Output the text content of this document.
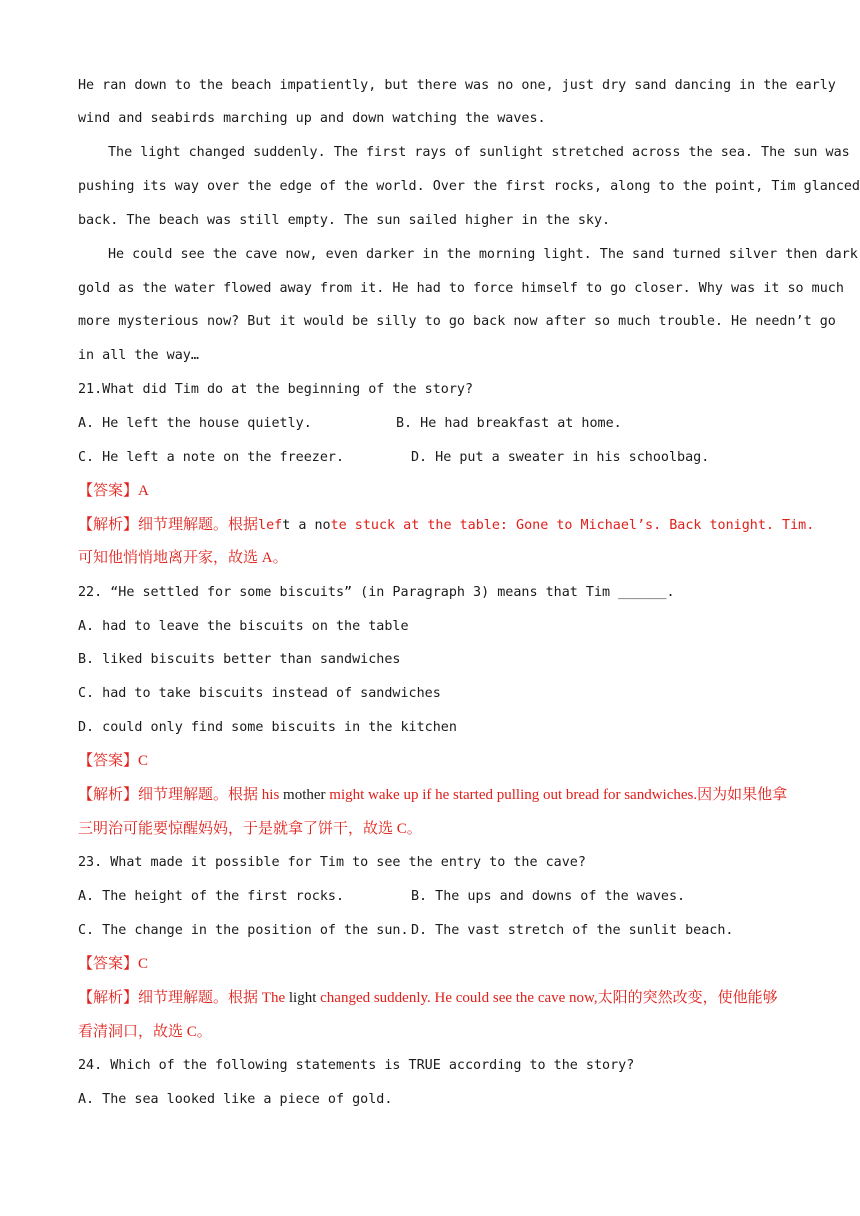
He ran down to the beach impatiently, but there was no one, just dry sand dancing in the early
wind and seabirds marching up and down watching the waves.
The light changed suddenly. The first rays of sunlight stretched across the sea. The sun was
pushing its way over the edge of the world. Over the first rocks, along to the point, Tim glanced
back. The beach was still empty. The sun sailed higher in the sky.
He could see the cave now, even darker in the morning light. The sand turned silver then dark
gold as the water flowed away from it. He had to force himself to go closer. Why was it so much
more mysterious now? But it would be silly to go back now after so much trouble. He needn’t go
in all the way…
21.What did Tim do at the beginning of the story?
A. He left the house quietly.	B. He had breakfast at home.
C. He left a note on the freezer.	D. He put a sweater in his schoolbag.
【答案】A
【解析】细节理解题。根据left a note stuck at the table: Gone to Michael’s. Back tonight. Tim.
可知他悄悄地离开家，故选 A。
22. “He settled for some biscuits” (in Paragraph 3) means that Tim ______.
A. had to leave the biscuits on the table
B. liked biscuits better than sandwiches
C. had to take biscuits instead of sandwiches
D. could only find some biscuits in the kitchen
【答案】C
【解析】细节理解题。根据 his mother might wake up if he started pulling out bread for sandwiches.因为如果他拿
三明治可能要惊醒妈妈，于是就拿了饼干，故选 C。
23. What made it possible for Tim to see the entry to the cave?
A. The height of the first rocks.	B. The ups and downs of the waves.
C. The change in the position of the sun. D. The vast stretch of the sunlit beach.
【答案】C
【解析】细节理解题。根据 The light changed suddenly. He could see the cave now,太阳的突然改变，使他能够
看清洞口，故选 C。
24. Which of the following statements is TRUE according to the story?
A. The sea looked like a piece of gold.
